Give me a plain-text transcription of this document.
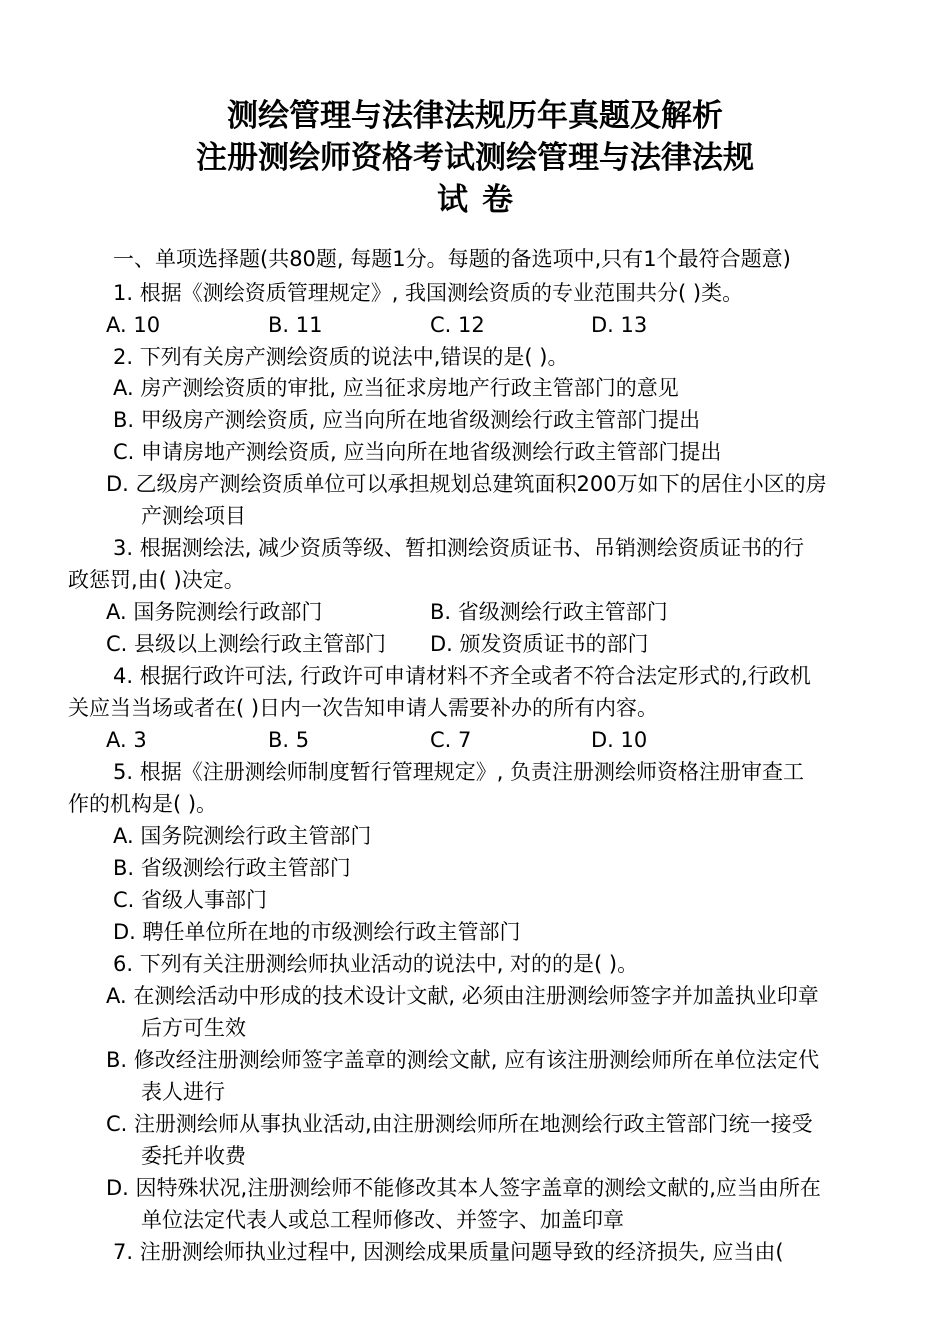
测绘管理与法律法规历年真题及解析
注册测绘师资格考试测绘管理与法律法规
试卷
一、单项选择题(共80题, 每题1分。每题的备选项中,只有1个最符合题意)
1. 根据《测绘资质管理规定》, 我国测绘资质的专业范围共分( )类。
A. 10	B. 11	C. 12	D. 13
2. 下列有关房产测绘资质的说法中,错误的是( )。
A. 房产测绘资质的审批, 应当征求房地产行政主管部门的意见
B. 甲级房产测绘资质, 应当向所在地省级测绘行政主管部门提出
C. 申请房地产测绘资质, 应当向所在地省级测绘行政主管部门提出
D. 乙级房产测绘资质单位可以承担规划总建筑面积200万如下的居住小区的房
产测绘项目
3. 根据测绘法, 减少资质等级、暂扣测绘资质证书、吊销测绘资质证书的行
政惩罚,由( )决定。
A. 国务院测绘行政部门	B. 省级测绘行政主管部门
C. 县级以上测绘行政主管部门 D. 颁发资质证书的部门
4. 根据行政许可法, 行政许可申请材料不齐全或者不符合法定形式的,行政机
关应当当场或者在( )日内一次告知申请人需要补办的所有内容。
A. 3	B. 5	C. 7	D. 10
5. 根据《注册测绘师制度暂行管理规定》, 负责注册测绘师资格注册审查工
作的机构是( )。
A. 国务院测绘行政主管部门
B. 省级测绘行政主管部门
C. 省级人事部门
D. 聘任单位所在地的市级测绘行政主管部门
6. 下列有关注册测绘师执业活动的说法中, 对的的是( )。
A. 在测绘活动中形成的技术设计文献, 必须由注册测绘师签字并加盖执业印章
后方可生效
B. 修改经注册测绘师签字盖章的测绘文献, 应有该注册测绘师所在单位法定代
表人进行
C. 注册测绘师从事执业活动,由注册测绘师所在地测绘行政主管部门统一接受
委托并收费
D. 因特殊状况,注册测绘师不能修改其本人签字盖章的测绘文献的,应当由所在
单位法定代表人或总工程师修改、并签字、加盖印章
7. 注册测绘师执业过程中, 因测绘成果质量问题导致的经济损失, 应当由(
